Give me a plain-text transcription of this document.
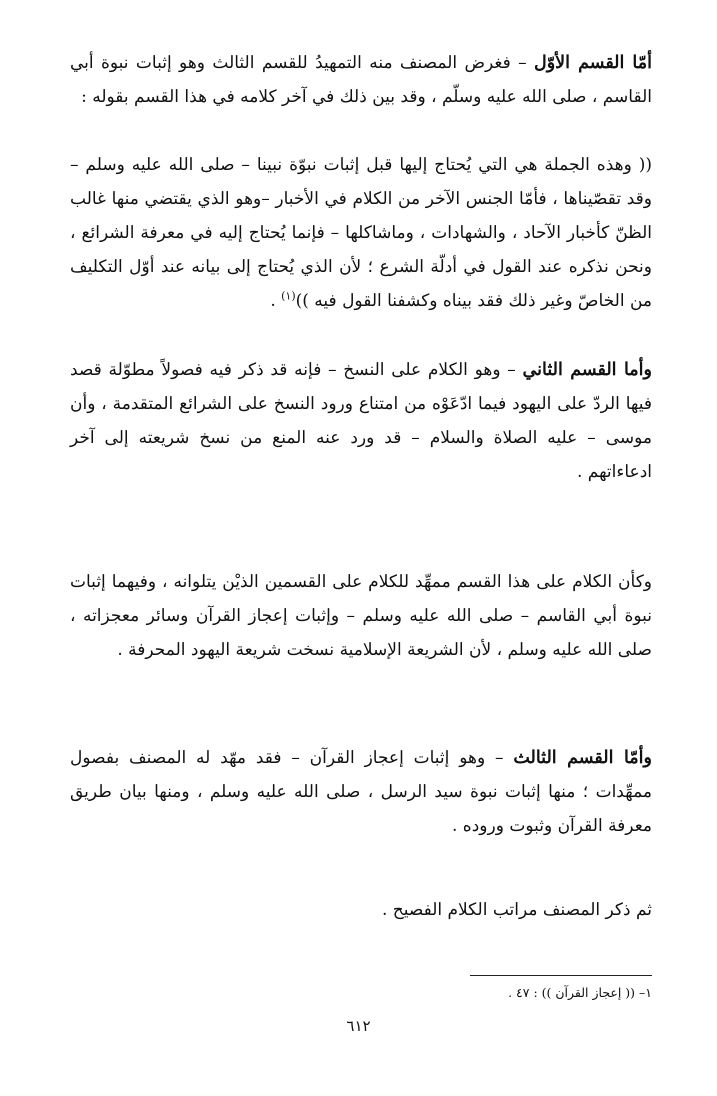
أمّا القسم الأوّل – فغرض المصنف منه التمهيدُ للقسم الثالث وهو إثبات نبوة أبي القاسم ، صلى الله عليه وسلّم ، وقد بين ذلك في آخر كلامه في هذا القسم بقوله :
(( وهذه الجملة هي التي يُحتاج إليها قبل إثبات نبوّة نبينا – صلى الله عليه وسلم – وقد تقصّيناها ، فأمّا الجنس الآخر من الكلام في الأخبار –وهو الذي يقتضي منها غالب الظنّ كأخبار الآحاد ، والشهادات ، وماشاكلها – فإنما يُحتاج إليه في معرفة الشرائع ، ونحن نذكره عند القول في أدلّة الشرع ؛ لأن الذي يُحتاج إلى بيانه عند أوّل التكليف من الخاصّ وغير ذلك فقد بيناه وكشفنا القول فيه ))$^{(١)}$ .
وأما القسم الثاني – وهو الكلام على النسخ – فإنه قد ذكر فيه فصولاً مطوّلة قصد فيها الردّ على اليهود فيما ادّعَوْه من امتناع ورود النسخ على الشرائع المتقدمة ، وأن موسى – عليه الصلاة والسلام – قد ورد عنه المنع من نسخ شريعته إلى آخر ادعاءاتهم .
وكأن الكلام على هذا القسم ممهِّد للكلام على القسمين الذيْن يتلوانه ، وفيهما إثبات نبوة أبي القاسم – صلى الله عليه وسلم – وإثبات إعجاز القرآن وسائر معجزاته ، صلى الله عليه وسلم ، لأن الشريعة الإسلامية نسخت شريعة اليهود المحرفة .
وأمّا القسم الثالث – وهو إثبات إعجاز القرآن – فقد مهّد له المصنف بفصول ممهِّدات ؛ منها إثبات نبوة سيد الرسل ، صلى الله عليه وسلم ، ومنها بيان طريق معرفة القرآن وثبوت وروده .
ثم ذكر المصنف مراتب الكلام الفصيح .
١– (( إعجاز القرآن )) : ٤٧ .
٦١٢
